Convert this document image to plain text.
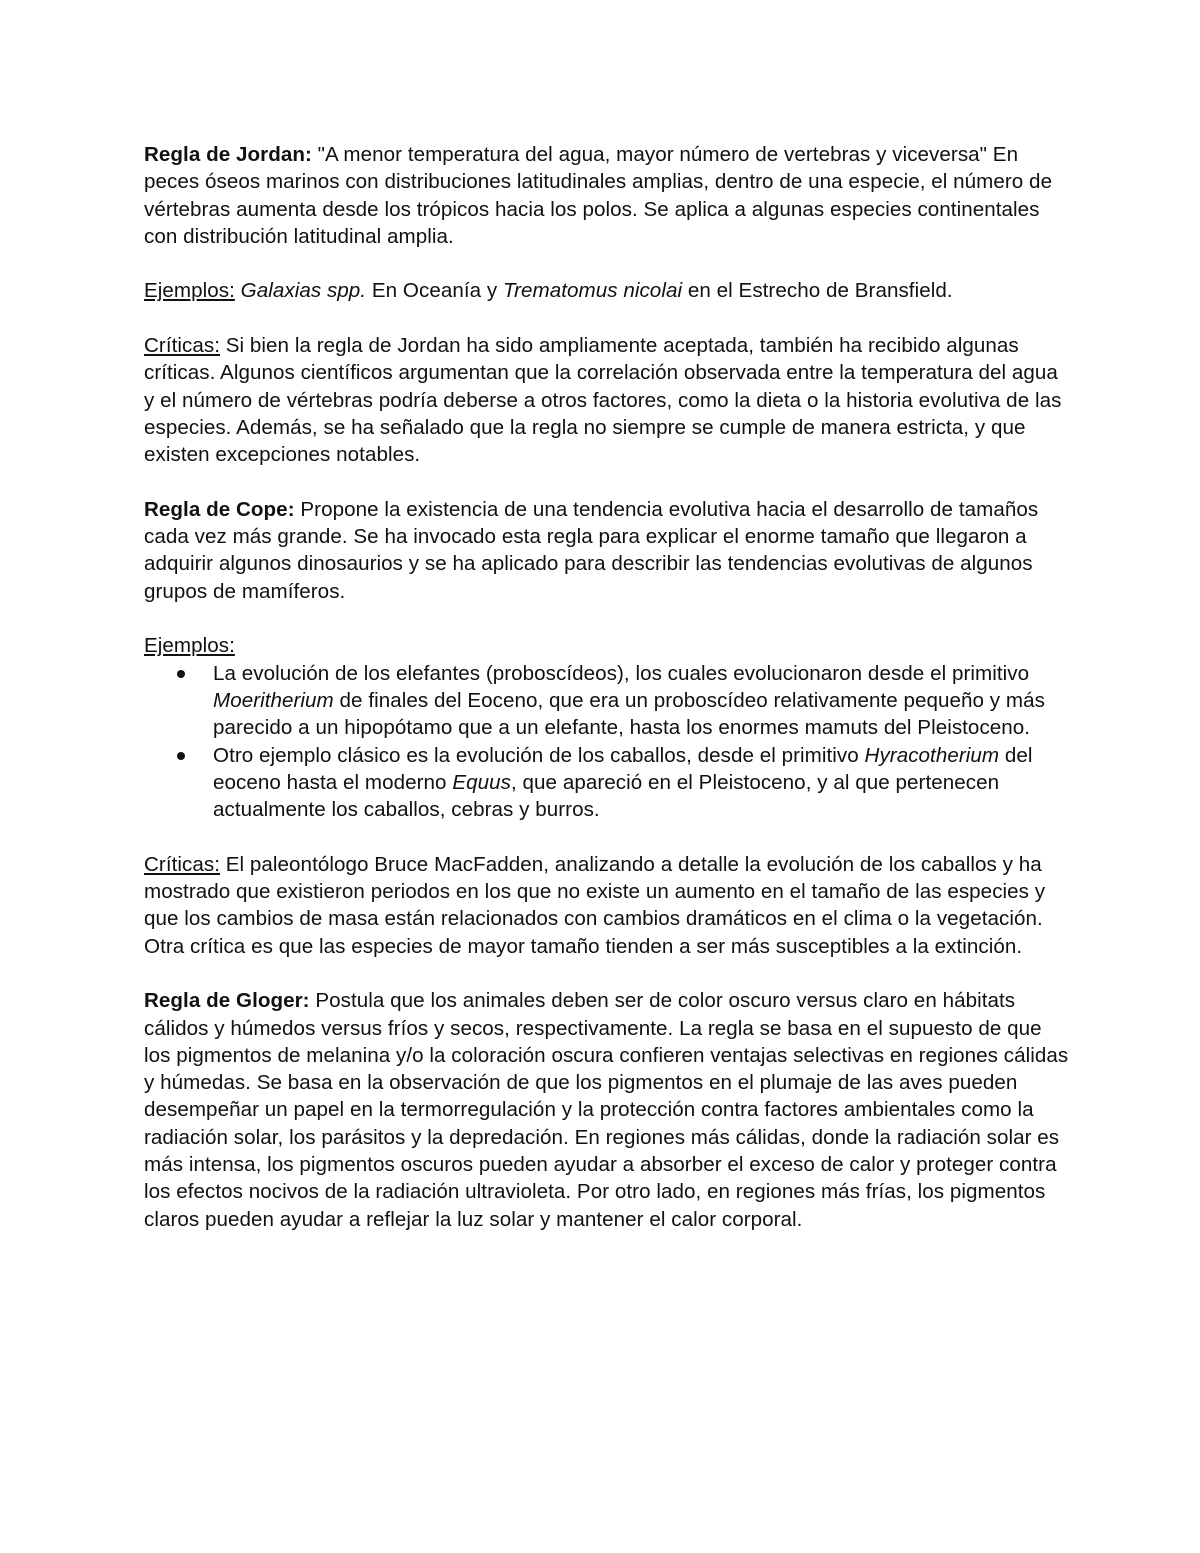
Regla de Jordan: "A menor temperatura del agua, mayor número de vertebras y viceversa" En peces óseos marinos con distribuciones latitudinales amplias, dentro de una especie, el número de vértebras aumenta desde los trópicos hacia los polos. Se aplica a algunas especies continentales con distribución latitudinal amplia.

Ejemplos: Galaxias spp. En Oceanía y Trematomus nicolai en el Estrecho de Bransfield.

Críticas: Si bien la regla de Jordan ha sido ampliamente aceptada, también ha recibido algunas críticas. Algunos científicos argumentan que la correlación observada entre la temperatura del agua y el número de vértebras podría deberse a otros factores, como la dieta o la historia evolutiva de las especies. Además, se ha señalado que la regla no siempre se cumple de manera estricta, y que existen excepciones notables.

Regla de Cope: Propone la existencia de una tendencia evolutiva hacia el desarrollo de tamaños cada vez más grande. Se ha invocado esta regla para explicar el enorme tamaño que llegaron a adquirir algunos dinosaurios y se ha aplicado para describir las tendencias evolutivas de algunos grupos de mamíferos.

Ejemplos:

La evolución de los elefantes (proboscídeos), los cuales evolucionaron desde el primitivo Moeritherium de finales del Eoceno, que era un proboscídeo relativamente pequeño y más parecido a un hipopótamo que a un elefante, hasta los enormes mamuts del Pleistoceno.
Otro ejemplo clásico es la evolución de los caballos, desde el primitivo Hyracotherium del eoceno hasta el moderno Equus, que apareció en el Pleistoceno, y al que pertenecen actualmente los caballos, cebras y burros.

Críticas: El paleontólogo Bruce MacFadden, analizando a detalle la evolución de los caballos y ha mostrado que existieron periodos en los que no existe un aumento en el tamaño de las especies y que los cambios de masa están relacionados con cambios dramáticos en el clima o la vegetación.

Otra crítica es que las especies de mayor tamaño tienden a ser más susceptibles a la extinción.

Regla de Gloger: Postula que los animales deben ser de color oscuro versus claro en hábitats cálidos y húmedos versus fríos y secos, respectivamente. La regla se basa en el supuesto de que los pigmentos de melanina y/o la coloración oscura confieren ventajas selectivas en regiones cálidas y húmedas. Se basa en la observación de que los pigmentos en el plumaje de las aves pueden desempeñar un papel en la termorregulación y la protección contra factores ambientales como la radiación solar, los parásitos y la depredación. En regiones más cálidas, donde la radiación solar es más intensa, los pigmentos oscuros pueden ayudar a absorber el exceso de calor y proteger contra los efectos nocivos de la radiación ultravioleta. Por otro lado, en regiones más frías, los pigmentos claros pueden ayudar a reflejar la luz solar y mantener el calor corporal.
